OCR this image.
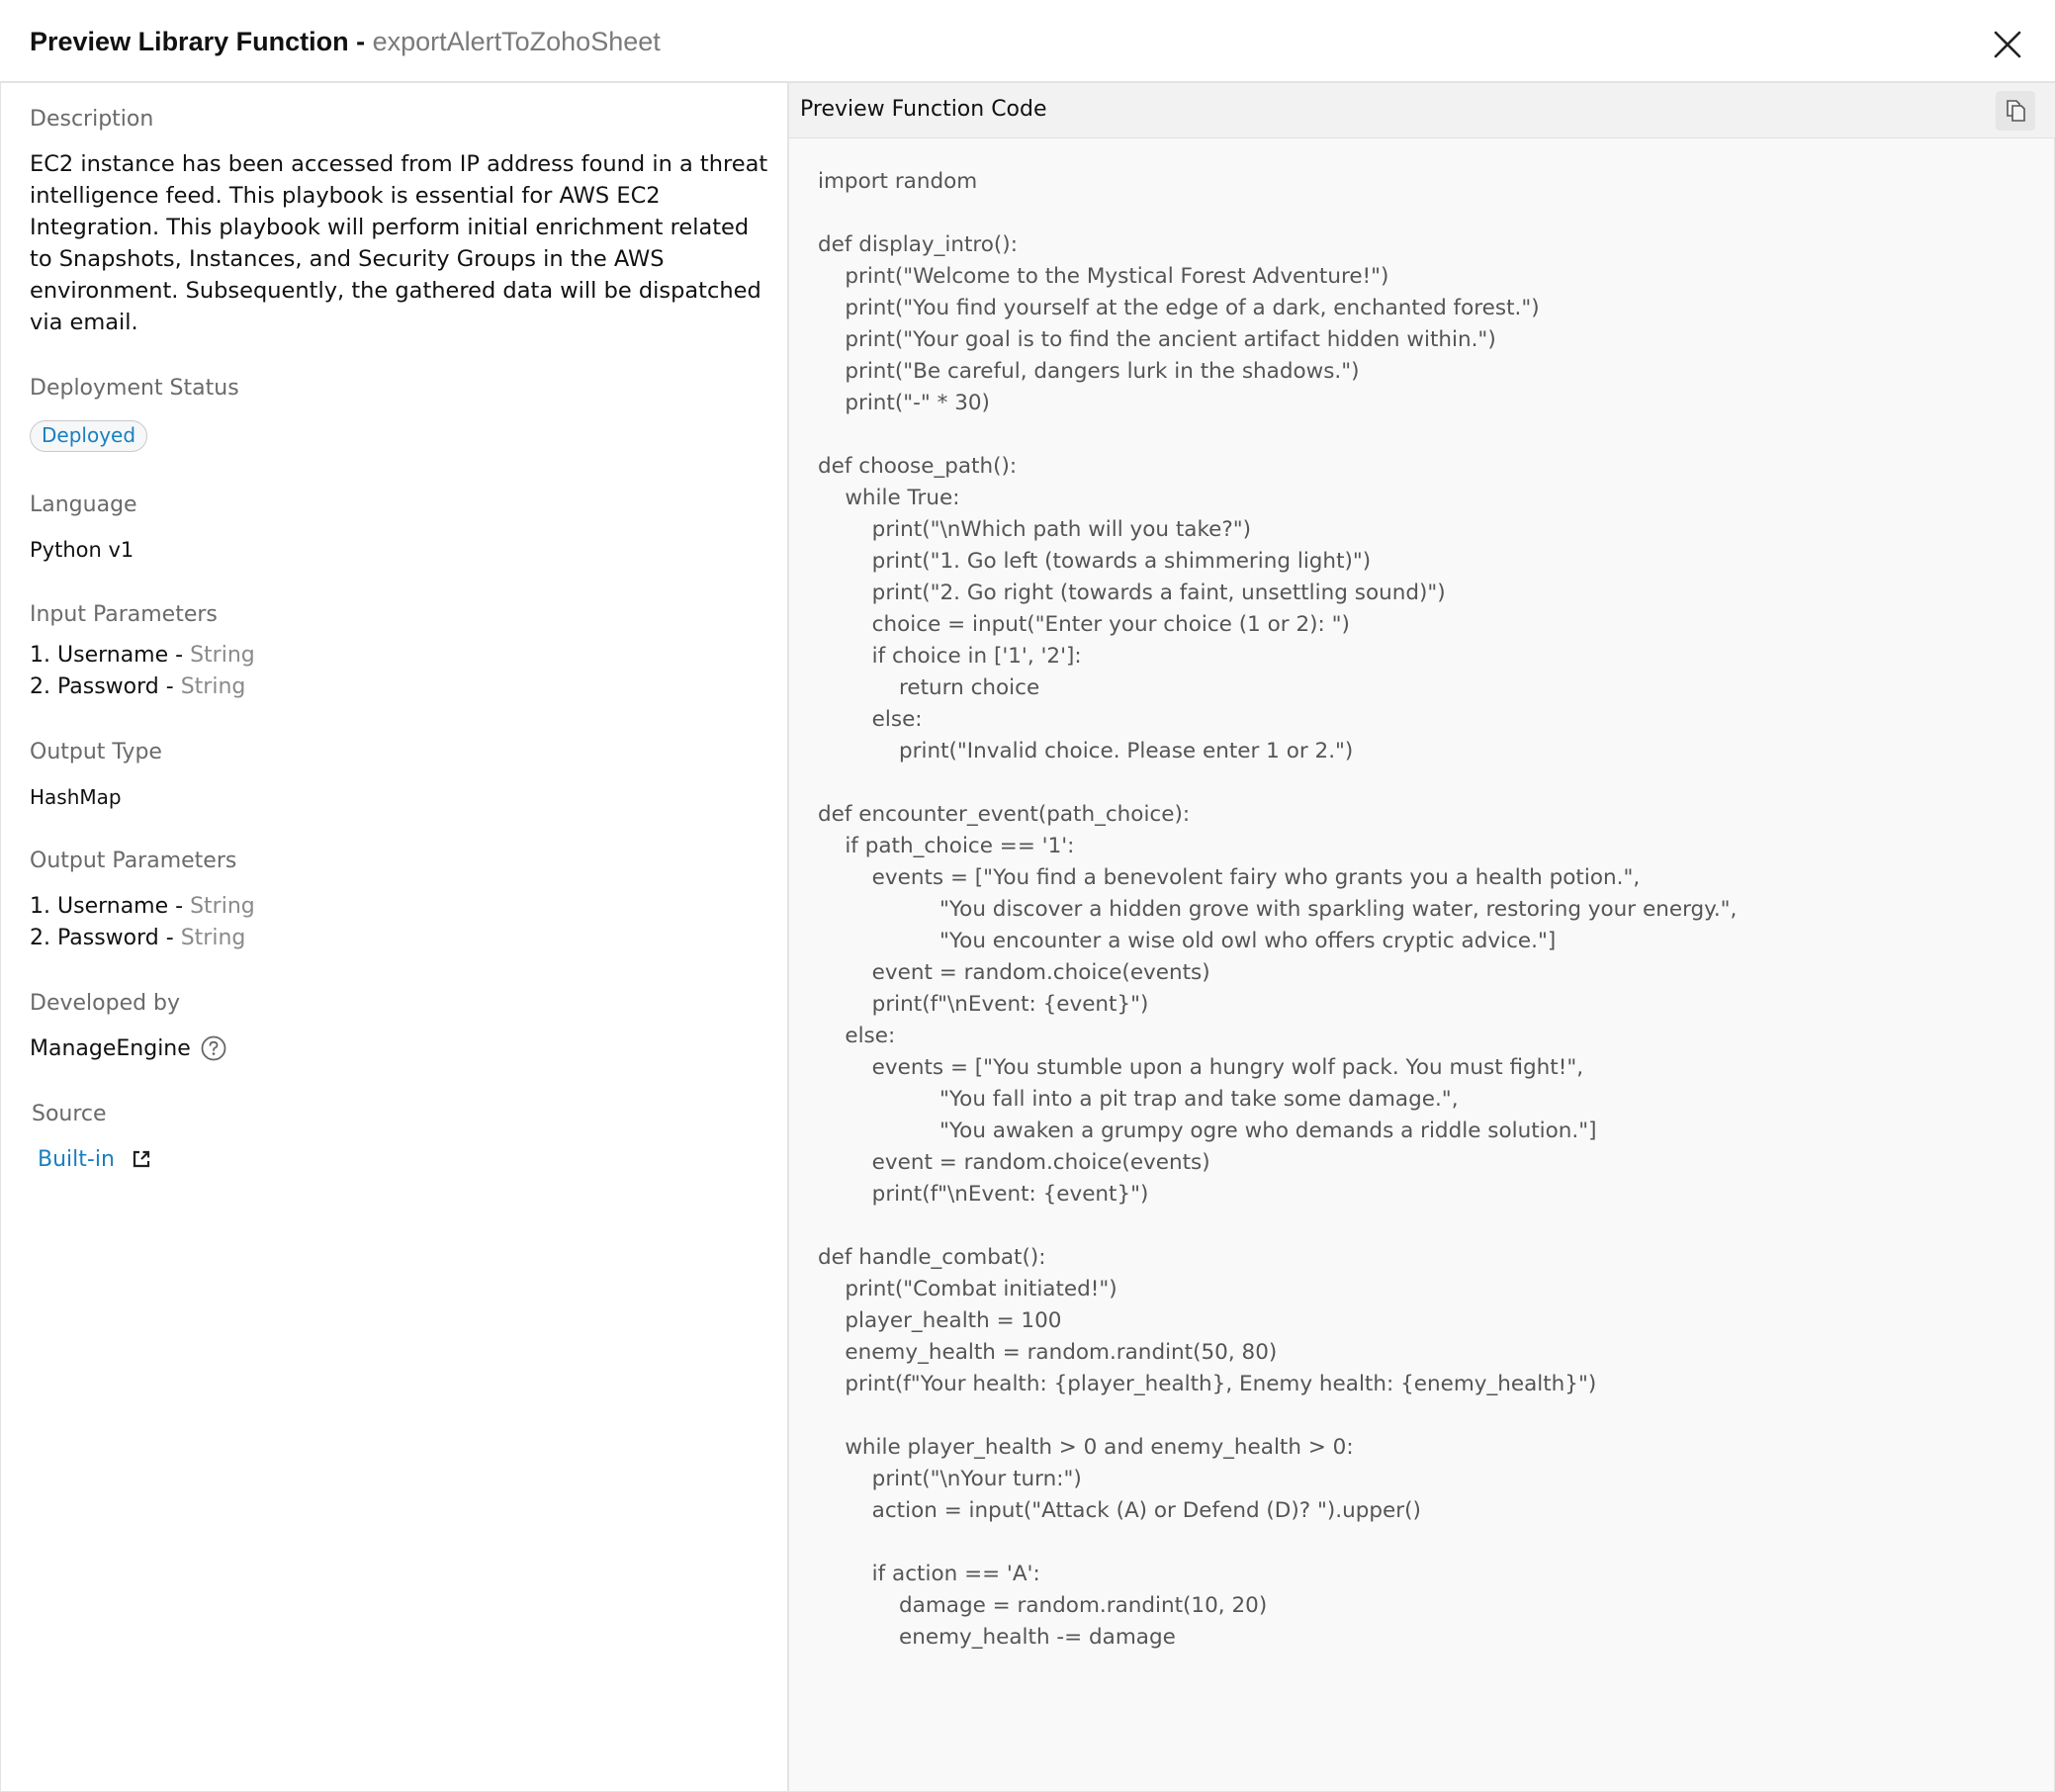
Preview Library Function - exportAlertToZohoSheet
Description
EC2 instance has been accessed from IP address found in a threat intelligence feed. This playbook is essential for AWS EC2 Integration. This playbook will perform initial enrichment related to Snapshots, Instances, and Security Groups in the AWS environment. Subsequently, the gathered data will be dispatched via email.
Deployment Status
Deployed
Language
Python v1
Input Parameters
1. Username - String
2. Password - String
Output Type
HashMap
Output Parameters
1. Username - String
2. Password - String
Developed by
ManageEngine
Source
Built-in
Preview Function Code
import random

def display_intro():
print("Welcome to the Mystical Forest Adventure!")
print("You find yourself at the edge of a dark, enchanted forest.")
print("Your goal is to find the ancient artifact hidden within.")
print("Be careful, dangers lurk in the shadows.")
print("-" * 30)

def choose_path():
while True:
print("\nWhich path will you take?")
print("1. Go left (towards a shimmering light)")
print("2. Go right (towards a faint, unsettling sound)")
choice = input("Enter your choice (1 or 2): ")
if choice in ['1', '2']:
return choice
else:
print("Invalid choice. Please enter 1 or 2.")

def encounter_event(path_choice):
if path_choice == '1':
events = ["You find a benevolent fairy who grants you a health potion.",
"You discover a hidden grove with sparkling water, restoring your energy.",
"You encounter a wise old owl who offers cryptic advice."]
event = random.choice(events)
print(f"\nEvent: {event}")
else:
events = ["You stumble upon a hungry wolf pack. You must fight!",
"You fall into a pit trap and take some damage.",
"You awaken a grumpy ogre who demands a riddle solution."]
event = random.choice(events)
print(f"\nEvent: {event}")

def handle_combat():
print("Combat initiated!")
player_health = 100
enemy_health = random.randint(50, 80)
print(f"Your health: {player_health}, Enemy health: {enemy_health}")

while player_health > 0 and enemy_health > 0:
print("\nYour turn:")
action = input("Attack (A) or Defend (D)? ").upper()

if action == 'A':
damage = random.randint(10, 20)
enemy_health -= damage
